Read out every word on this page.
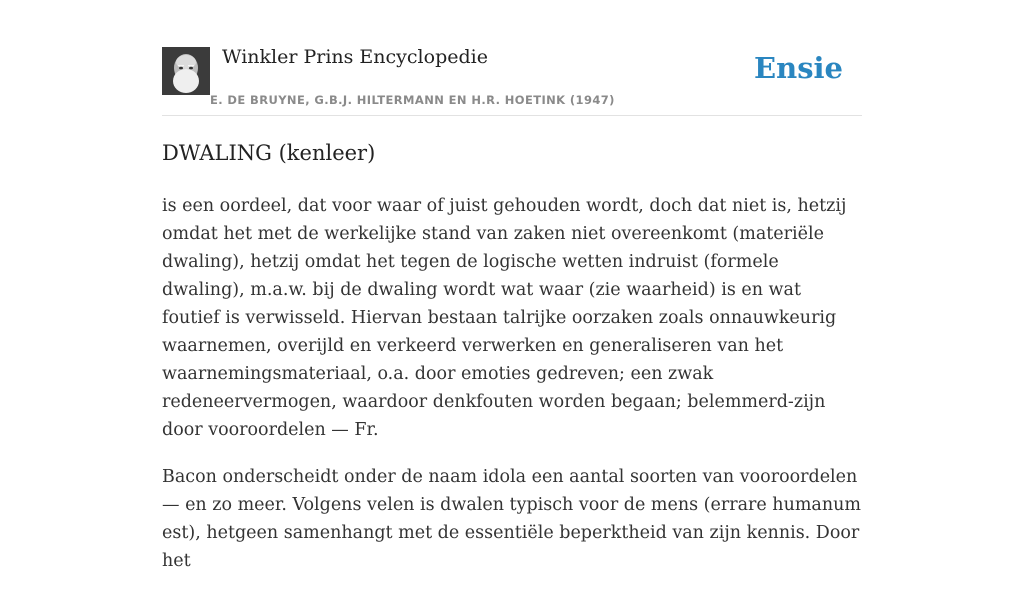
Winkler Prins Encyclopedie
E. DE BRUYNE, G.B.J. HILTERMANN EN H.R. HOETINK (1947)
Ensie
DWALING (kenleer)

is een oordeel, dat voor waar of juist gehouden wordt, doch dat niet is, hetzij omdat het met de werkelijke stand van zaken niet overeenkomt (materiële dwaling), hetzij omdat het tegen de logische wetten indruist (formele dwaling), m.a.w. bij de dwaling wordt wat waar (zie waarheid) is en wat foutief is verwisseld. Hiervan bestaan talrijke oorzaken zoals onnauwkeurig waarnemen, overijld en verkeerd verwerken en generaliseren van het waarnemingsmateriaal, o.a. door emoties gedreven; een zwak redeneervermogen, waardoor denkfouten worden begaan; belemmerd-zijn door vooroordelen — Fr.

Bacon onderscheidt onder de naam idola een aantal soorten van vooroordelen — en zo meer. Volgens velen is dwalen typisch voor de mens (errare humanum est), hetgeen samenhangt met de essentiële beperktheid van zijn kennis. Door het
